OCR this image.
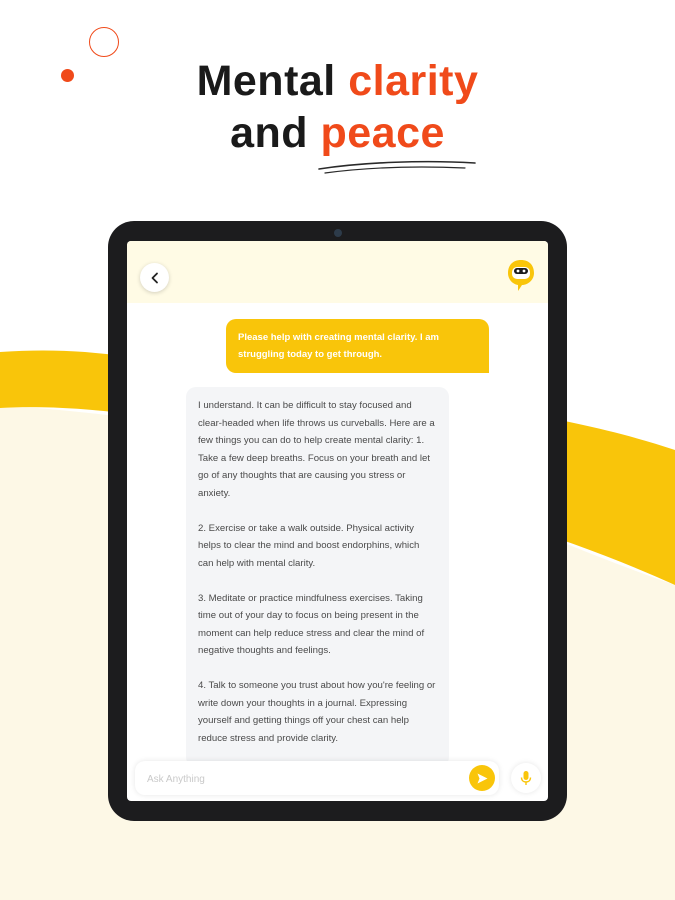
Mental clarity
and peace
Please help with creating mental clarity. I am struggling today to get through.

I understand. It can be difficult to stay focused and clear-headed when life throws us curveballs. Here are a few things you can do to help create mental clarity: 1. Take a few deep breaths. Focus on your breath and let go of any thoughts that are causing you stress or anxiety.

2. Exercise or take a walk outside. Physical activity helps to clear the mind and boost endorphins, which can help with mental clarity.

3. Meditate or practice mindfulness exercises. Taking time out of your day to focus on being present in the moment can help reduce stress and clear the mind of negative thoughts and feelings.

4. Talk to someone you trust about how you're feeling or write down your thoughts in a journal. Expressing yourself and getting things off your chest can help reduce stress and provide clarity.

Ask Anything
